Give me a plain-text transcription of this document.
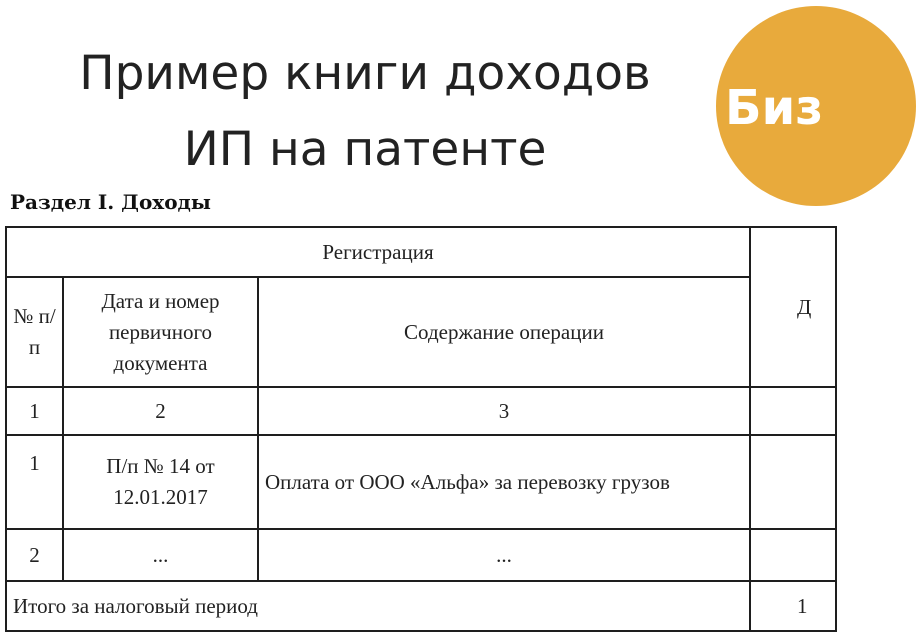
Пример книги доходов
ИП на патенте
Биз
Раздел I. Доходы
Регистрация			Д
№ п/п	Дата и номер первичного документа	Содержание операции	
1	2	3	
1	П/п № 14 от 12.01.2017	Оплата от ООО «Альфа» за перевозку грузов	
2	...	...	
Итого за налоговый период			1
